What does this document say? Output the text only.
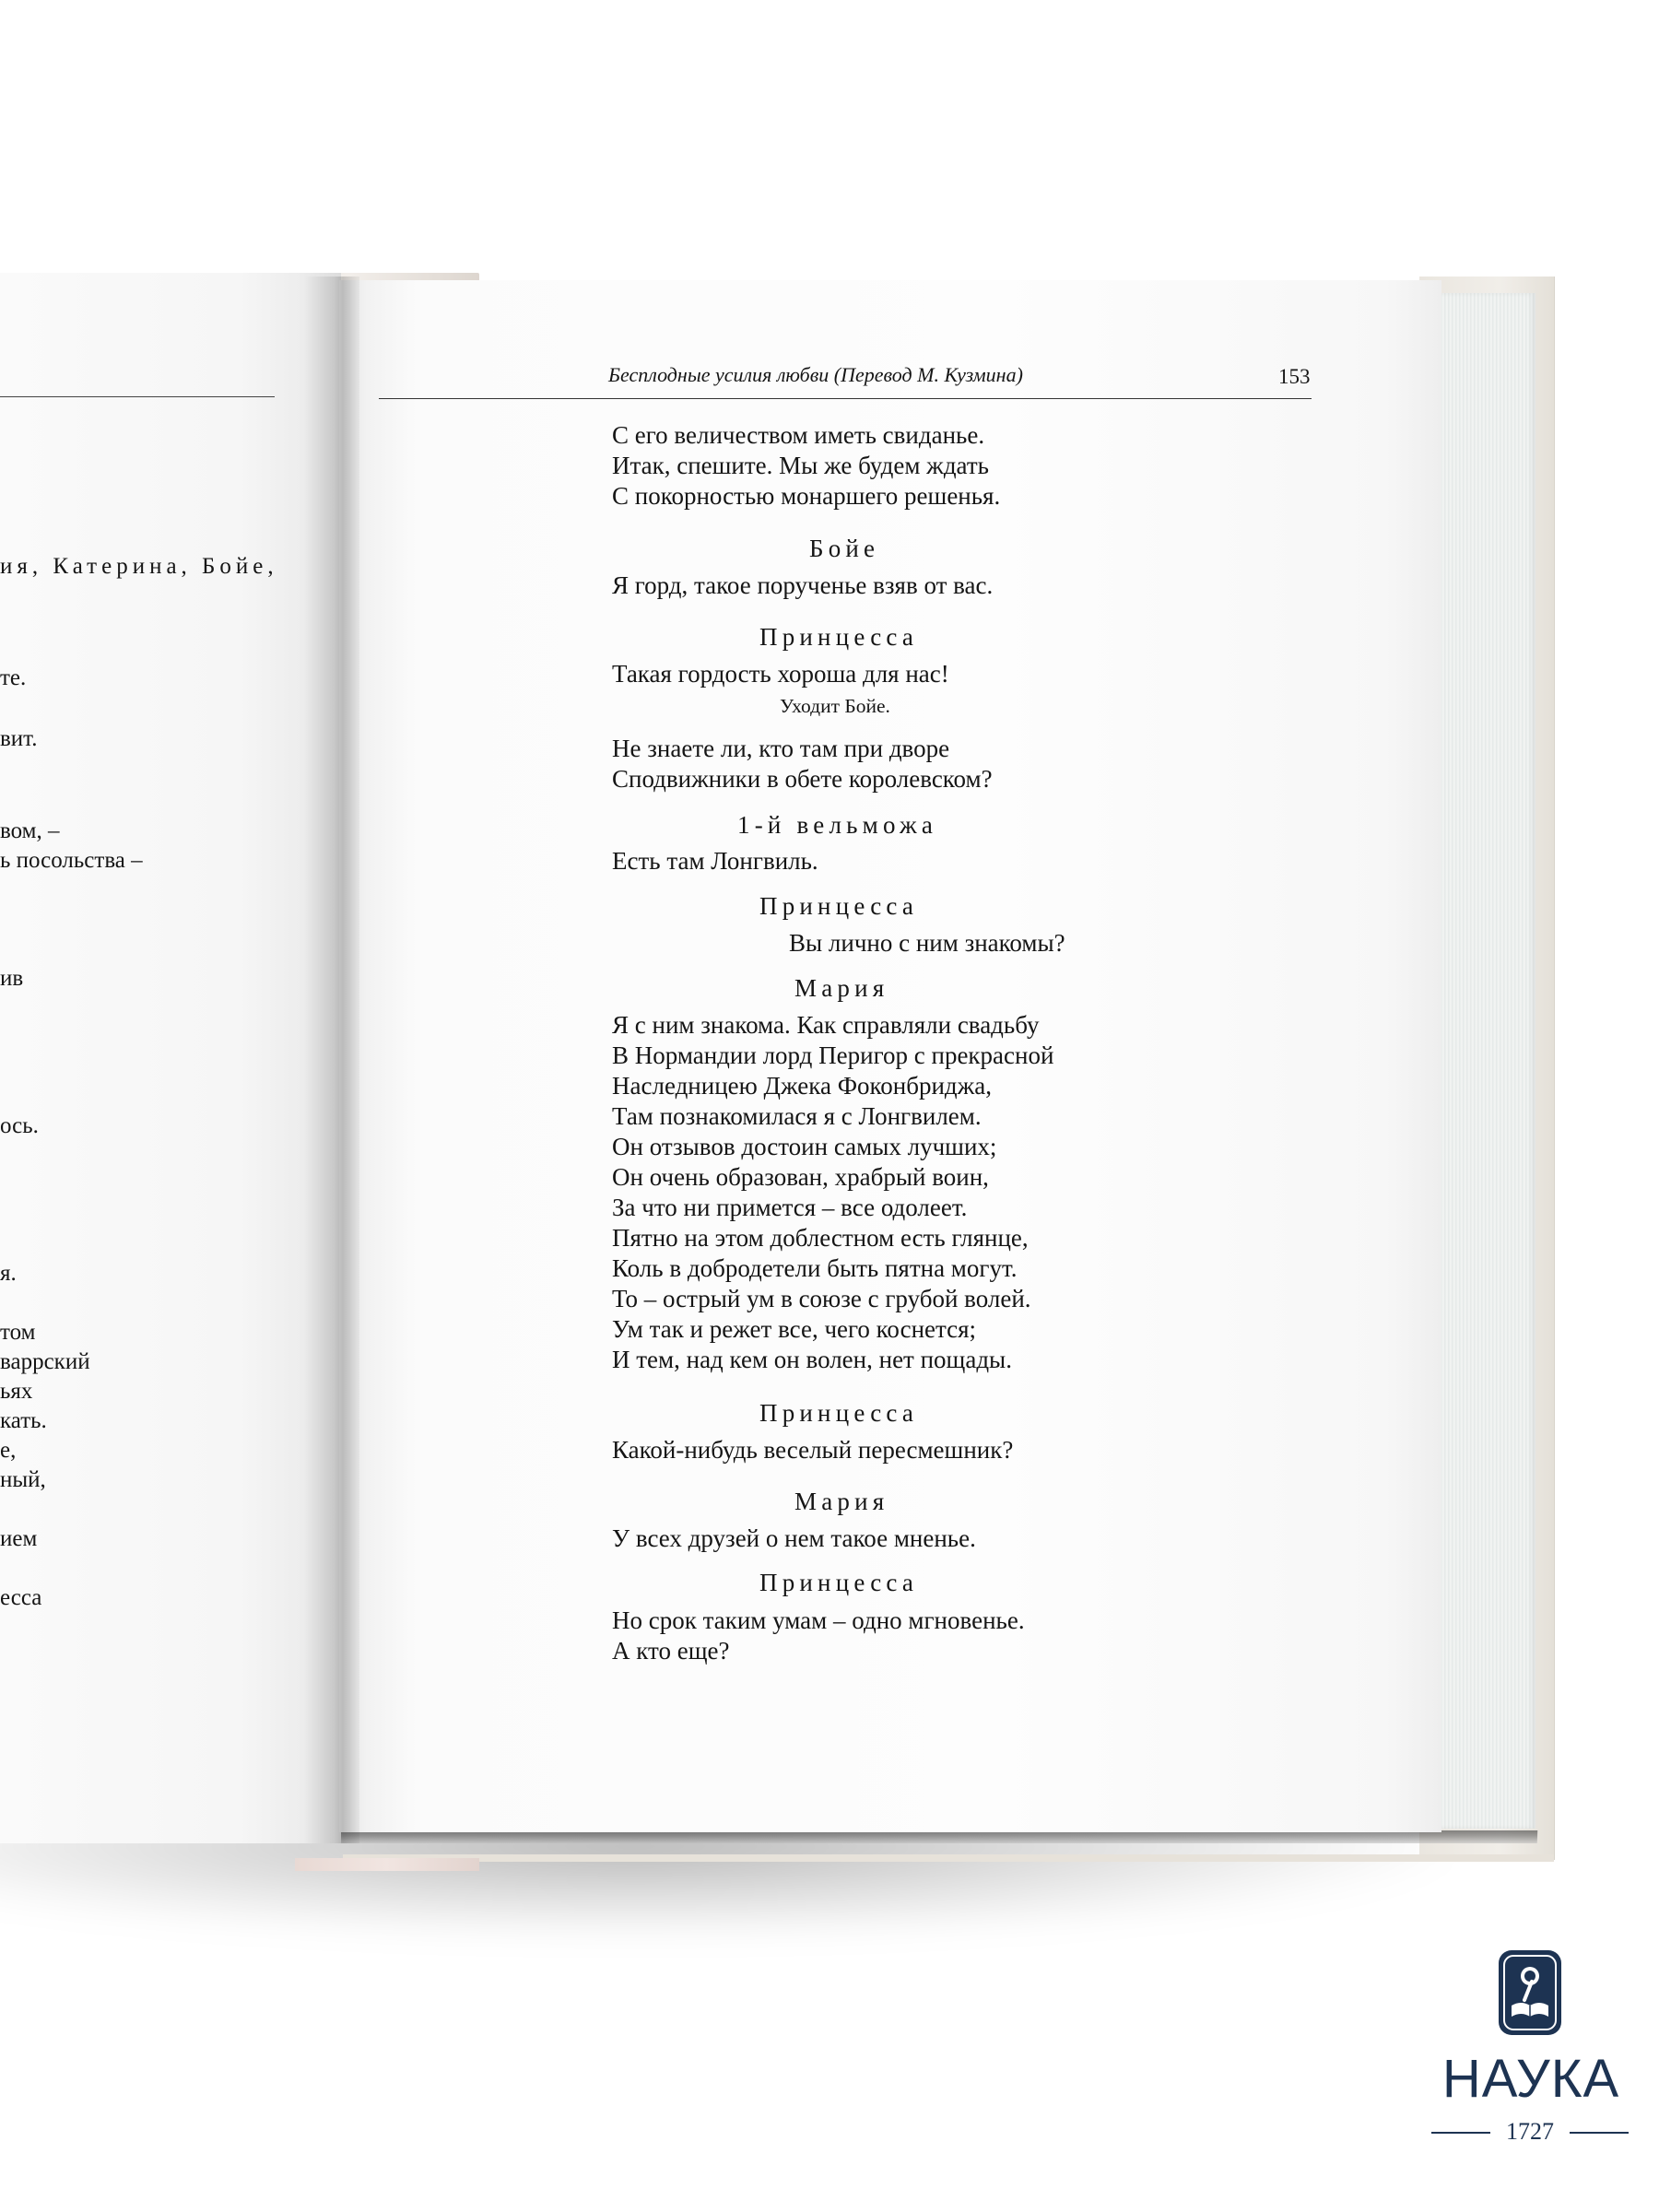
ия, Катерина, Бойе,
те.
вит.
вом, –
ь посольства –
ив
ось.
я.
том
варрский
ьях
кать.
е,
ный,
ием
есса
Бесплодные усилия любви (Перевод М. Кузмина)	153
С его величеством иметь свиданье.
Итак, спешите. Мы же будем ждать
С покорностью монаршего решенья.
Бойе
Я горд, такое порученье взяв от вас.
Принцесса
Такая гордость хороша для нас!
Уходит Бойе.
Не знаете ли, кто там при дворе
Сподвижники в обете королевском?
1-й вельможа
Есть там Лонгвиль.
Принцесса
Вы лично с ним знакомы?
Мария
Я с ним знакома. Как справляли свадьбу
В Нормандии лорд Перигор с прекрасной
Наследницею Джека Фоконбриджа,
Там познакомилася я с Лонгвилем.
Он отзывов достоин самых лучших;
Он очень образован, храбрый воин,
За что ни примется – все одолеет.
Пятно на этом доблестном есть глянце,
Коль в добродетели быть пятна могут.
То – острый ум в союзе с грубой волей.
Ум так и режет все, чего коснется;
И тем, над кем он волен, нет пощады.
Принцесса
Какой-нибудь веселый пересмешник?
Мария
У всех друзей о нем такое мненье.
Принцесса
Но срок таким умам – одно мгновенье.
А кто еще?
НАУКА
1727
